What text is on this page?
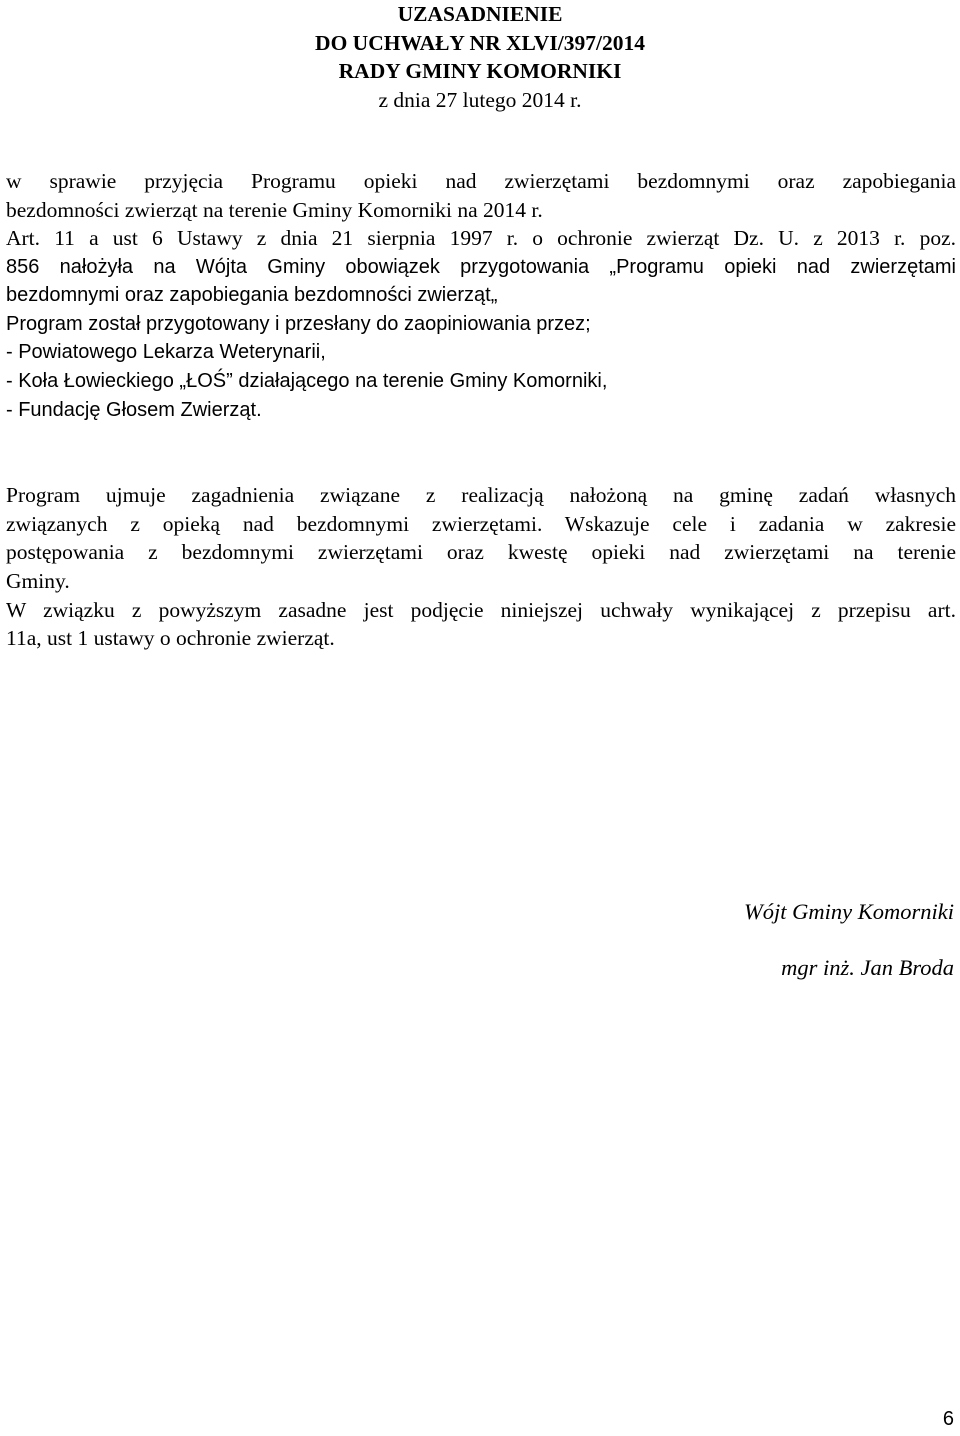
UZASADNIENIE
DO UCHWAŁY NR XLVI/397/2014
RADY GMINY KOMORNIKI
z dnia 27 lutego 2014 r.
w sprawie przyjęcia Programu opieki nad zwierzętami bezdomnymi oraz zapobiegania
bezdomności zwierząt na terenie Gminy Komorniki na 2014 r.
Art. 11 a ust 6 Ustawy z dnia 21 sierpnia 1997 r. o ochronie zwierząt Dz. U. z 2013 r. poz.
856 nałożyła na Wójta Gminy obowiązek przygotowania „Programu opieki nad zwierzętami
bezdomnymi oraz zapobiegania bezdomności zwierząt„
Program został przygotowany i przesłany do zaopiniowania przez;
- Powiatowego Lekarza Weterynarii,
- Koła Łowieckiego „ŁOŚ” działającego na terenie Gminy Komorniki,
- Fundację Głosem Zwierząt.
Program ujmuje zagadnienia związane z realizacją nałożoną na gminę zadań własnych
związanych z opieką nad bezdomnymi zwierzętami. Wskazuje cele i zadania w zakresie
postępowania z bezdomnymi zwierzętami oraz kwestę opieki nad zwierzętami na terenie
Gminy.
W związku z powyższym zasadne jest podjęcie niniejszej uchwały wynikającej z przepisu art.
11a, ust 1 ustawy o ochronie zwierząt.
Wójt Gminy Komorniki
mgr inż. Jan Broda
6
